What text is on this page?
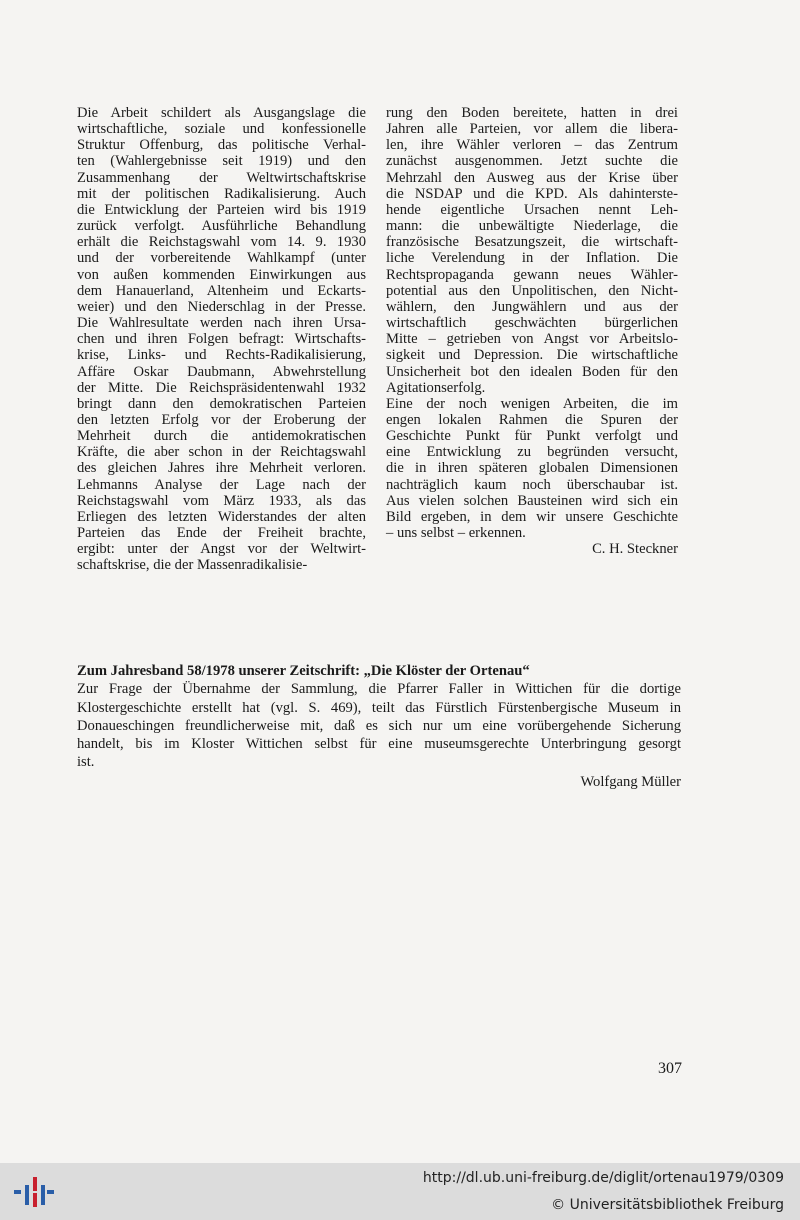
Die Arbeit schildert als Ausgangslage die
wirtschaftliche, soziale und konfessionelle
Struktur Offenburg, das politische Verhal-
ten (Wahlergebnisse seit 1919) und den
Zusammenhang der Weltwirtschaftskrise
mit der politischen Radikalisierung. Auch
die Entwicklung der Parteien wird bis 1919
zurück verfolgt. Ausführliche Behandlung
erhält die Reichstagswahl vom 14. 9. 1930
und der vorbereitende Wahlkampf (unter
von außen kommenden Einwirkungen aus
dem Hanauerland, Altenheim und Eckarts-
weier) und den Niederschlag in der Presse.
Die Wahlresultate werden nach ihren Ursa-
chen und ihren Folgen befragt: Wirtschafts-
krise, Links- und Rechts-Radikalisierung,
Affäre Oskar Daubmann, Abwehrstellung
der Mitte. Die Reichspräsidentenwahl 1932
bringt dann den demokratischen Parteien
den letzten Erfolg vor der Eroberung der
Mehrheit durch die antidemokratischen
Kräfte, die aber schon in der Reichtagswahl
des gleichen Jahres ihre Mehrheit verloren.
Lehmanns Analyse der Lage nach der
Reichstagswahl vom März 1933, als das
Erliegen des letzten Widerstandes der alten
Parteien das Ende der Freiheit brachte,
ergibt: unter der Angst vor der Weltwirt-
schaftskrise, die der Massenradikalisie-
rung den Boden bereitete, hatten in drei
Jahren alle Parteien, vor allem die libera-
len, ihre Wähler verloren – das Zentrum
zunächst ausgenommen. Jetzt suchte die
Mehrzahl den Ausweg aus der Krise über
die NSDAP und die KPD. Als dahinterste-
hende eigentliche Ursachen nennt Leh-
mann: die unbewältigte Niederlage, die
französische Besatzungszeit, die wirtschaft-
liche Verelendung in der Inflation. Die
Rechtspropaganda gewann neues Wähler-
potential aus den Unpolitischen, den Nicht-
wählern, den Jungwählern und aus der
wirtschaftlich geschwächten bürgerlichen
Mitte – getrieben von Angst vor Arbeitslo-
sigkeit und Depression. Die wirtschaftliche
Unsicherheit bot den idealen Boden für den
Agitationserfolg.
Eine der noch wenigen Arbeiten, die im
engen lokalen Rahmen die Spuren der
Geschichte Punkt für Punkt verfolgt und
eine Entwicklung zu begründen versucht,
die in ihren späteren globalen Dimensionen
nachträglich kaum noch überschaubar ist.
Aus vielen solchen Bausteinen wird sich ein
Bild ergeben, in dem wir unsere Geschichte
– uns selbst – erkennen.
C. H. Steckner
Zum Jahresband 58/1978 unserer Zeitschrift: „Die Klöster der Ortenau“
Zur Frage der Übernahme der Sammlung, die Pfarrer Faller in Wittichen für die dortige
Klostergeschichte erstellt hat (vgl. S. 469), teilt das Fürstlich Fürstenbergische Museum in
Donaueschingen freundlicherweise mit, daß es sich nur um eine vorübergehende Sicherung
handelt, bis im Kloster Wittichen selbst für eine museumsgerechte Unterbringung gesorgt
ist.
Wolfgang Müller
307
http://dl.ub.uni-freiburg.de/diglit/ortenau1979/0309
© Universitätsbibliothek Freiburg
